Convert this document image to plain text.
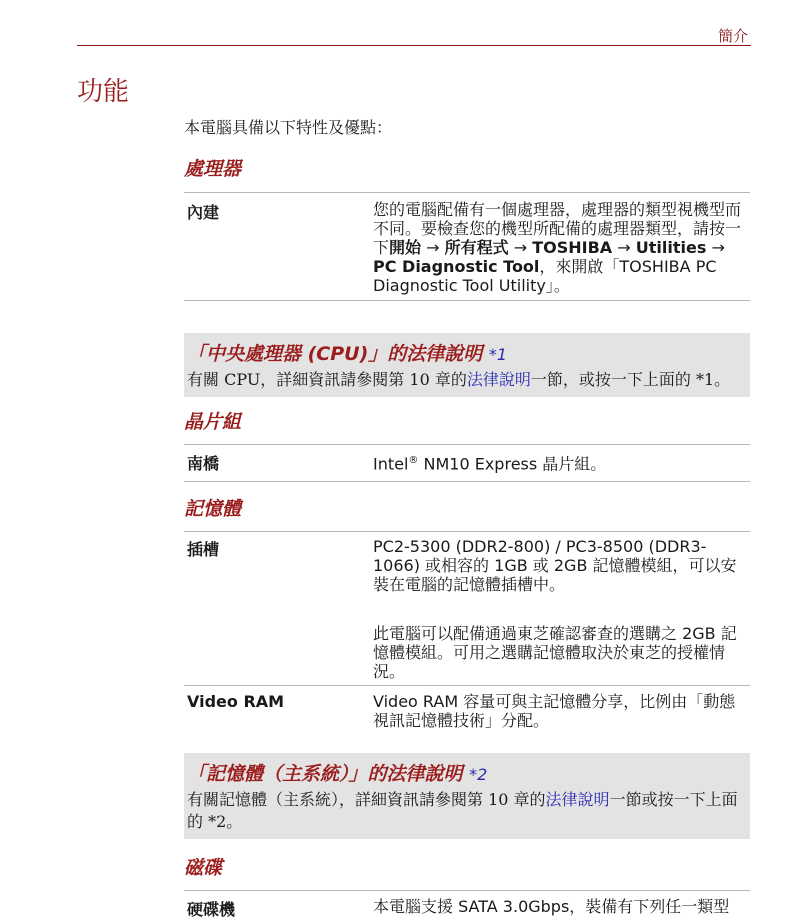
簡介
功能

本電腦具備以下特性及優點：

處理器
內建	您的電腦配備有一個處理器，處理器的類型視機型而不同。要檢查您的機型所配備的處理器類型，請按一下開始 → 所有程式 → TOSHIBA → Utilities → PC Diagnostic Tool，來開啟「TOSHIBA PC Diagnostic Tool Utility」。

「中央處理器 (CPU)」的法律說明 *1

有關 CPU，詳細資訊請參閱第 10 章的法律說明一節，或按一下上面的 *1。

晶片組
南橋	Intel® NM10 Express 晶片組。
記憶體
插槽	PC2-5300 (DDR2-800) / PC3-8500 (DDR3-1066) 或相容的 1GB 或 2GB 記憶體模組，可以安裝在電腦的記憶體插槽中。

此電腦可以配備通過東芝確認審查的選購之 2GB 記憶體模組。可用之選購記憶體取決於東芝的授權情況。

Video RAM	Video RAM 容量可與主記憶體分享，比例由「動態視訊記憶體技術」分配。
「記憶體（主系統）」的法律說明 *2

有關記憶體（主系統），詳細資訊請參閱第 10 章的法律說明一節或按一下上面的 *2。

磁碟
硬碟機	本電腦支援 SATA 3.0Gbps，裝備有下列任一類型
